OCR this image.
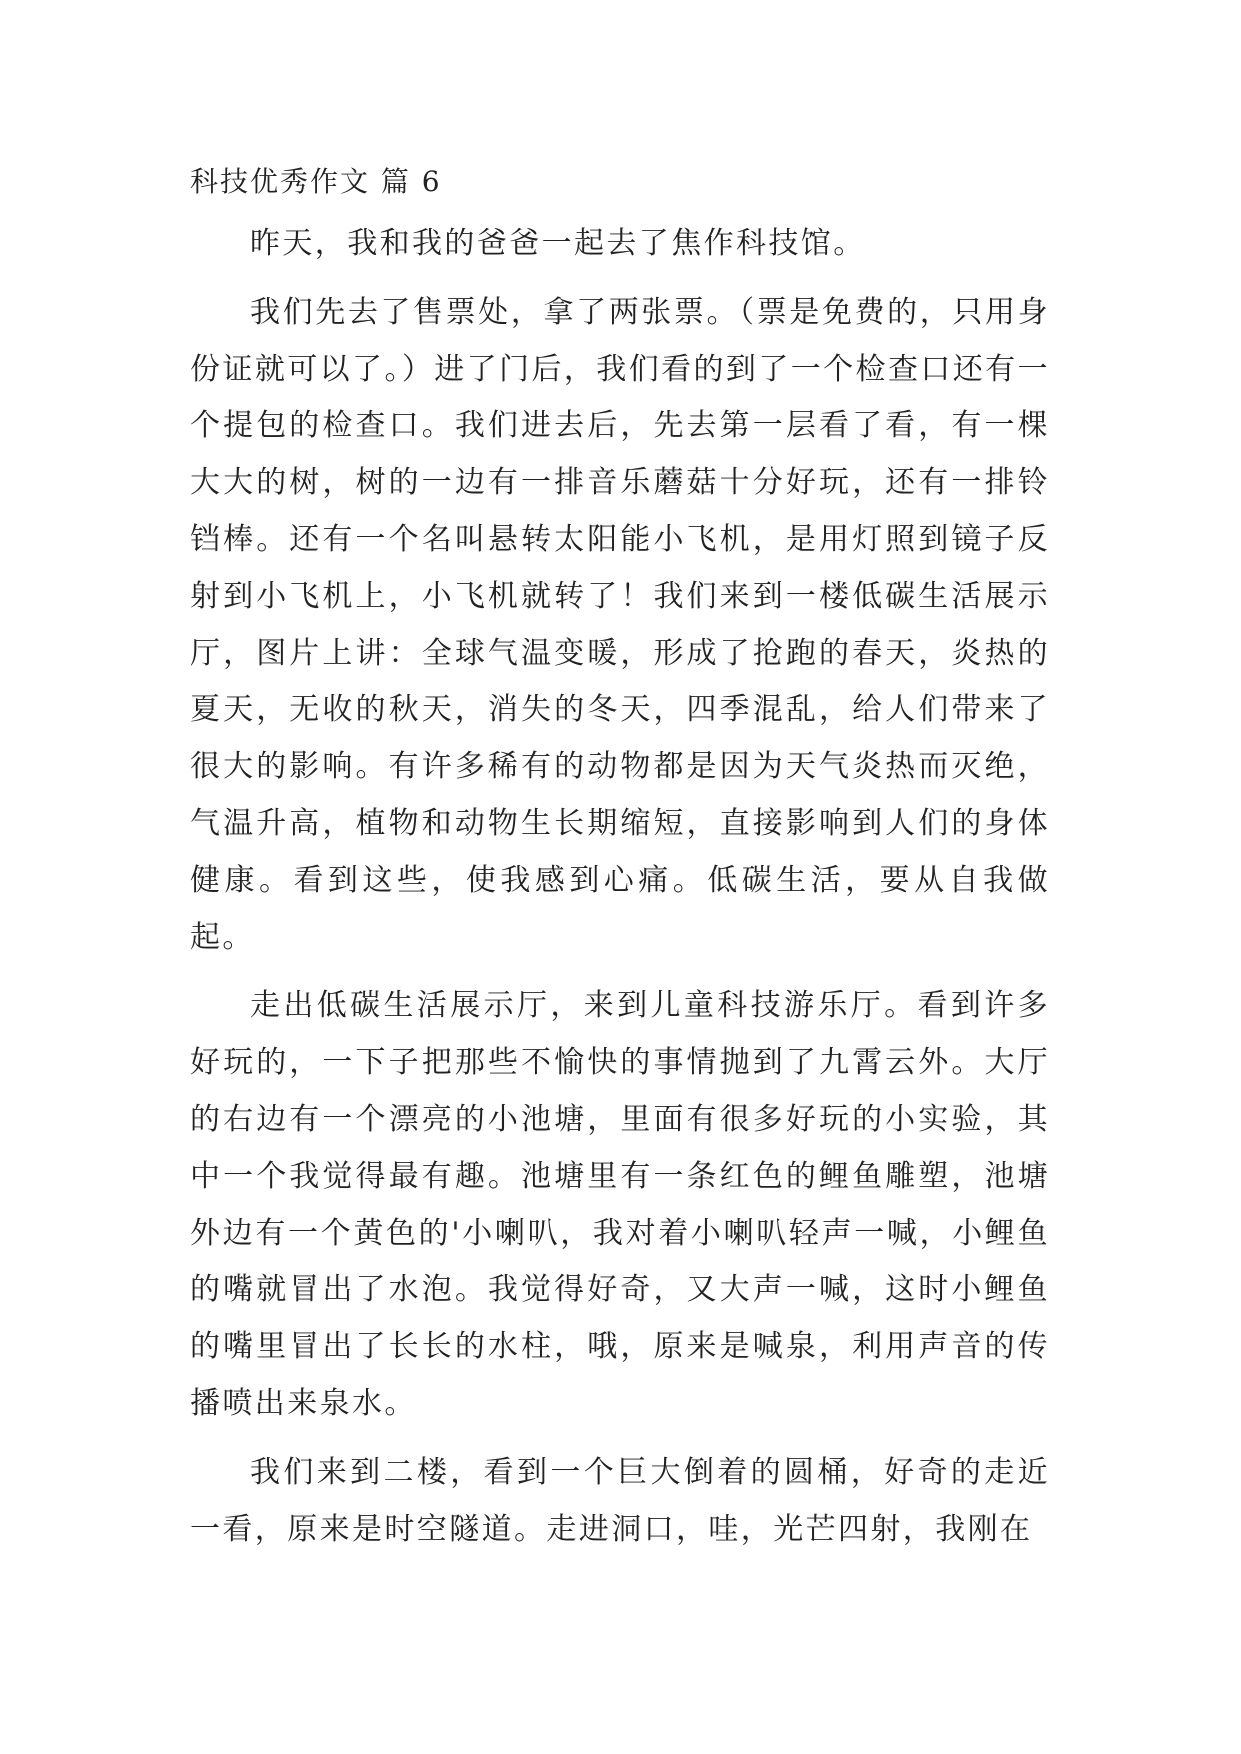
科技优秀作文 篇 6

昨天，我和我的爸爸一起去了焦作科技馆。

我们先去了售票处，拿了两张票。（票是免费的，只用身份证就可以了。）进了门后，我们看的到了一个检查口还有一个提包的检查口。我们进去后，先去第一层看了看，有一棵大大的树，树的一边有一排音乐蘑菇十分好玩，还有一排铃铛棒。还有一个名叫悬转太阳能小飞机，是用灯照到镜子反射到小飞机上，小飞机就转了！我们来到一楼低碳生活展示厅，图片上讲：全球气温变暖，形成了抢跑的春天，炎热的夏天，无收的秋天，消失的冬天，四季混乱，给人们带来了很大的影响。有许多稀有的动物都是因为天气炎热而灭绝，气温升高，植物和动物生长期缩短，直接影响到人们的身体健康。看到这些，使我感到心痛。低碳生活，要从自我做起。

走出低碳生活展示厅，来到儿童科技游乐厅。看到许多好玩的，一下子把那些不愉快的事情抛到了九霄云外。大厅的右边有一个漂亮的小池塘，里面有很多好玩的小实验，其中一个我觉得最有趣。池塘里有一条红色的鲤鱼雕塑，池塘外边有一个黄色的'小喇叭，我对着小喇叭轻声一喊，小鲤鱼的嘴就冒出了水泡。我觉得好奇，又大声一喊，这时小鲤鱼的嘴里冒出了长长的水柱，哦，原来是喊泉，利用声音的传播喷出来泉水。

我们来到二楼，看到一个巨大倒着的圆桶，好奇的走近一看，原来是时空隧道。走进洞口，哇，光芒四射，我刚在
